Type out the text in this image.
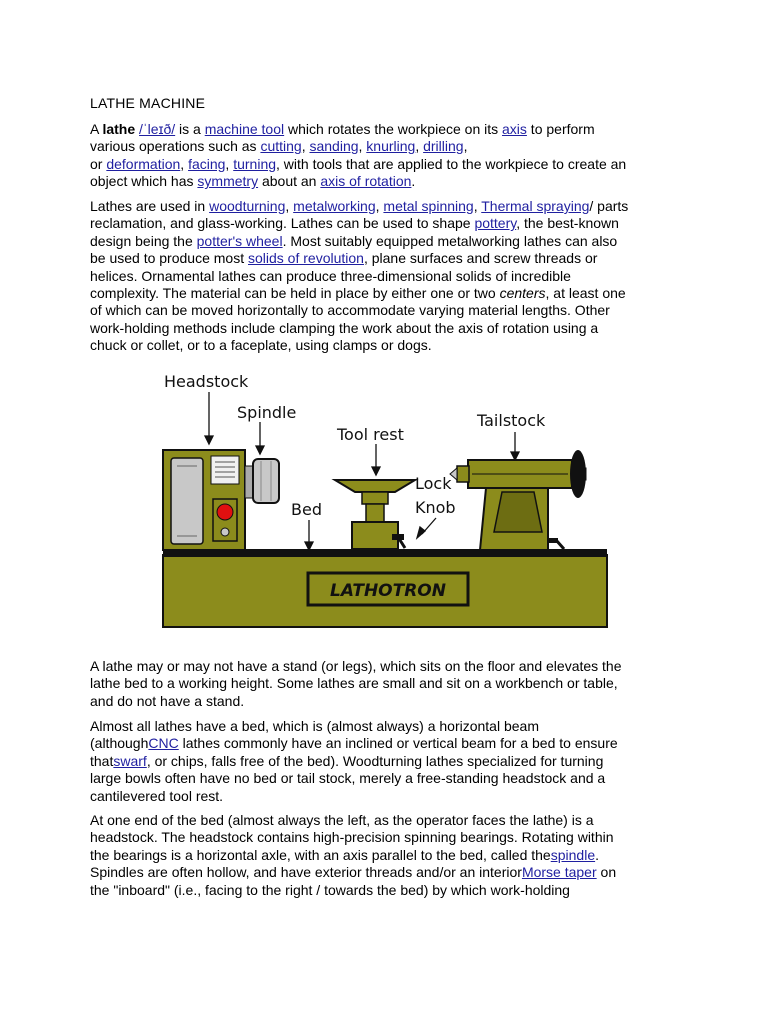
LATHE MACHINE
A lathe /ˈleɪð/ is a machine tool which rotates the workpiece on its axis to perform
various operations such as cutting, sanding, knurling, drilling,
or deformation, facing, turning, with tools that are applied to the workpiece to create an
object which has symmetry about an axis of rotation.
Lathes are used in woodturning, metalworking, metal spinning, Thermal spraying/ parts
reclamation, and glass-working. Lathes can be used to shape pottery, the best-known
design being the potter's wheel. Most suitably equipped metalworking lathes can also
be used to produce most solids of revolution, plane surfaces and screw threads or
helices. Ornamental lathes can produce three-dimensional solids of incredible
complexity. The material can be held in place by either one or two centers, at least one
of which can be moved horizontally to accommodate varying material lengths. Other
work-holding methods include clamping the work about the axis of rotation using a
chuck or collet, or to a faceplate, using clamps or dogs.
Headstock
Spindle
Tool rest
Tailstock
Lock
Knob
Bed
LATHOTRON
A lathe may or may not have a stand (or legs), which sits on the floor and elevates the
lathe bed to a working height. Some lathes are small and sit on a workbench or table,
and do not have a stand.
Almost all lathes have a bed, which is (almost always) a horizontal beam
(althoughCNC lathes commonly have an inclined or vertical beam for a bed to ensure
thatswarf, or chips, falls free of the bed). Woodturning lathes specialized for turning
large bowls often have no bed or tail stock, merely a free-standing headstock and a
cantilevered tool rest.
At one end of the bed (almost always the left, as the operator faces the lathe) is a
headstock. The headstock contains high-precision spinning bearings. Rotating within
the bearings is a horizontal axle, with an axis parallel to the bed, called thespindle.
Spindles are often hollow, and have exterior threads and/or an interiorMorse taper on
the "inboard" (i.e., facing to the right / towards the bed) by which work-holding
